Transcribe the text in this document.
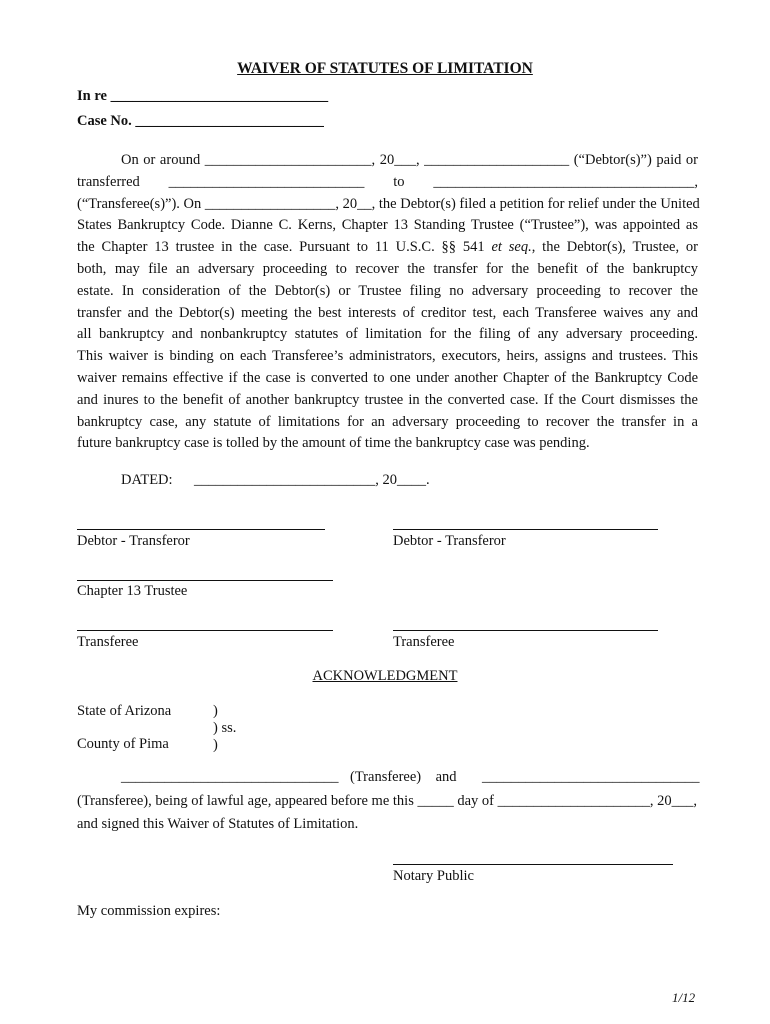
WAIVER OF STATUTES OF LIMITATION
In re ______________________________
Case No. __________________________
On or around _______________________, 20___, ____________________ (“Debtor(s)”) paid or
transferred ___________________________ to ____________________________________,
(“Transferee(s)”). On __________________, 20__, the Debtor(s) filed a petition for relief under the United
States Bankruptcy Code. Dianne C. Kerns, Chapter 13 Standing Trustee (“Trustee”), was appointed as
the Chapter 13 trustee in the case. Pursuant to 11 U.S.C. §§ 541 et seq., the Debtor(s), Trustee, or
both, may file an adversary proceeding to recover the transfer for the benefit of the bankruptcy
estate. In consideration of the Debtor(s) or Trustee filing no adversary proceeding to recover the
transfer and the Debtor(s) meeting the best interests of creditor test, each Transferee waives any and
all bankruptcy and nonbankruptcy statutes of limitation for the filing of any adversary proceeding.
This waiver is binding on each Transferee’s administrators, executors, heirs, assigns and trustees. This
waiver remains effective if the case is converted to one under another Chapter of the Bankruptcy Code
and inures to the benefit of another bankruptcy trustee in the converted case. If the Court dismisses the
bankruptcy case, any statute of limitations for an adversary proceeding to recover the transfer in a
future bankruptcy case is tolled by the amount of time the bankruptcy case was pending.
DATED: _________________________, 20____.
Debtor - Transferor	Debtor - Transferor
Chapter 13 Trustee
Transferee	Transferee
ACKNOWLEDGMENT
State of Arizona
County of Pima
)
) ss.
)
______________________________ (Transferee)    and ______________________________
(Transferee), being of lawful age, appeared before me this _____ day of _____________________, 20___,
and signed this Waiver of Statutes of Limitation.
Notary Public
My commission expires:
1/12
